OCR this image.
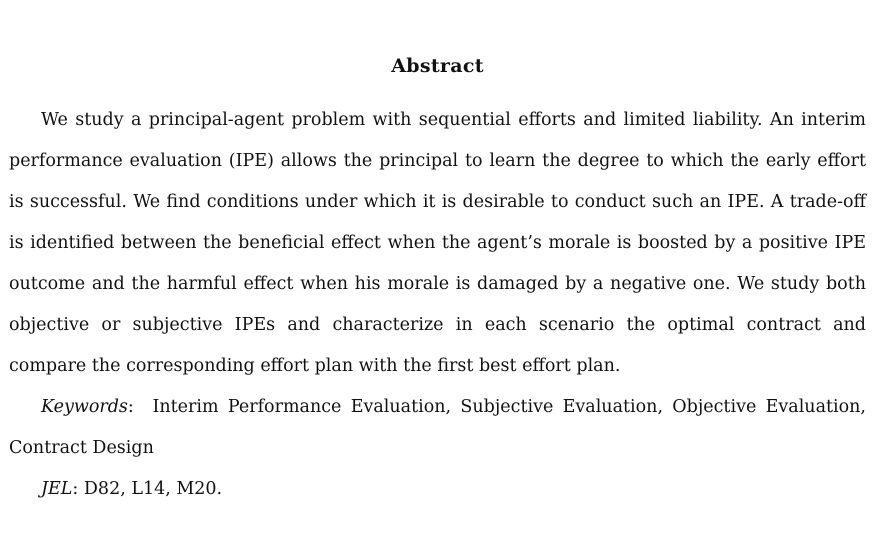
Abstract

We study a principal-agent problem with sequential efforts and limited liability. An interim performance evaluation (IPE) allows the principal to learn the degree to which the early effort is successful. We find conditions under which it is desirable to conduct such an IPE. A trade-off is identified between the beneficial effect when the agent’s morale is boosted by a positive IPE outcome and the harmful effect when his morale is damaged by a negative one. We study both objective or subjective IPEs and characterize in each scenario the optimal contract and compare the corresponding effort plan with the first best effort plan.

Keywords: Interim Performance Evaluation, Subjective Evaluation, Objective Evaluation, Contract Design

JEL: D82, L14, M20.
